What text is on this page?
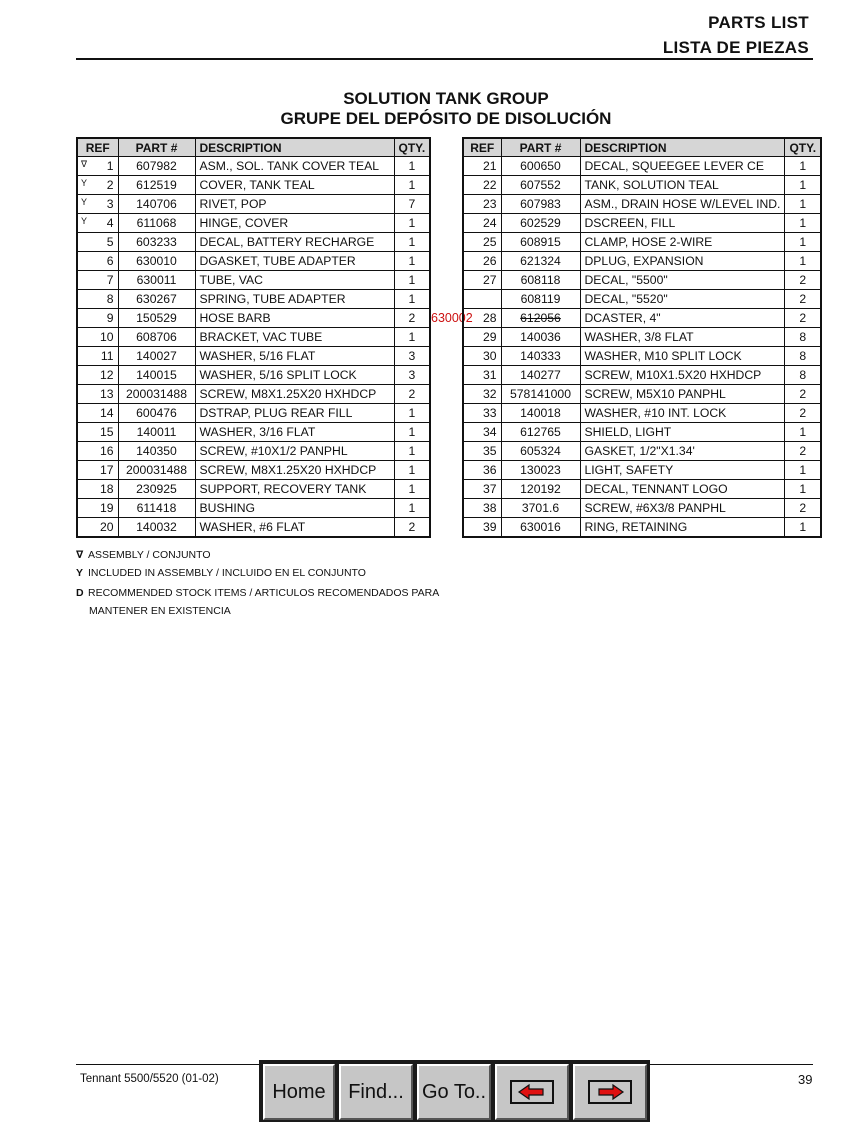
PARTS LIST
LISTA DE PIEZAS
SOLUTION TANK GROUP
GRUPE DEL DEPÓSITO DE DISOLUCIÓN
REF	PART #	DESCRIPTION	QTY.

∇ 1	607982	ASM., SOL. TANK COVER TEAL	1

Y 2	612519	COVER, TANK TEAL	1

Y 3	140706	RIVET, POP	7

Y 4	611068	HINGE, COVER	1
5	603233	DECAL, BATTERY RECHARGE	1
6	630010	DGASKET, TUBE ADAPTER	1
7	630011	TUBE, VAC	1
8	630267	SPRING, TUBE ADAPTER	1
9	150529	HOSE BARB	2
10	608706	BRACKET, VAC TUBE	1
11	140027	WASHER, 5/16 FLAT	3
12	140015	WASHER, 5/16 SPLIT LOCK	3
13	200031488	SCREW, M8X1.25X20 HXHDCP	2
14	600476	DSTRAP, PLUG REAR FILL	1
15	140011	WASHER, 3/16 FLAT	1
16	140350	SCREW, #10X1/2 PANPHL	1
17	200031488	SCREW, M8X1.25X20 HXHDCP	1
18	230925	SUPPORT, RECOVERY TANK	1
19	611418	BUSHING	1
20	140032	WASHER, #6 FLAT	2
630002
REF	PART #	DESCRIPTION	QTY.
21	600650	DECAL, SQUEEGEE LEVER CE	1
22	607552	TANK, SOLUTION TEAL	1
23	607983	ASM., DRAIN HOSE W/LEVEL IND.	1
24	602529	DSCREEN, FILL	1
25	608915	CLAMP, HOSE 2-WIRE	1
26	621324	DPLUG, EXPANSION	1
27	608118	DECAL, "5500"	2
	608119	DECAL, "5520"	2
28	612056	DCASTER, 4"	2
29	140036	WASHER, 3/8 FLAT	8
30	140333	WASHER, M10 SPLIT LOCK	8
31	140277	SCREW, M10X1.5X20 HXHDCP	8
32	578141000	SCREW, M5X10 PANPHL	2
33	140018	WASHER, #10 INT. LOCK	2
34	612765	SHIELD, LIGHT	1
35	605324	GASKET, 1/2"X1.34'	2
36	130023	LIGHT, SAFETY	1
37	120192	DECAL, TENNANT LOGO	1
38	3701.6	SCREW, #6X3/8 PANPHL	2
39	630016	RING, RETAINING	1
∇ ASSEMBLY / CONJUNTO
Y INCLUDED IN ASSEMBLY / INCLUIDO EN EL CONJUNTO
D RECOMMENDED STOCK ITEMS / ARTICULOS RECOMENDADOS PARA
MANTENER EN EXISTENCIA
Tennant 5500/5520 (01-02)	39
Home	Find... Go To..
